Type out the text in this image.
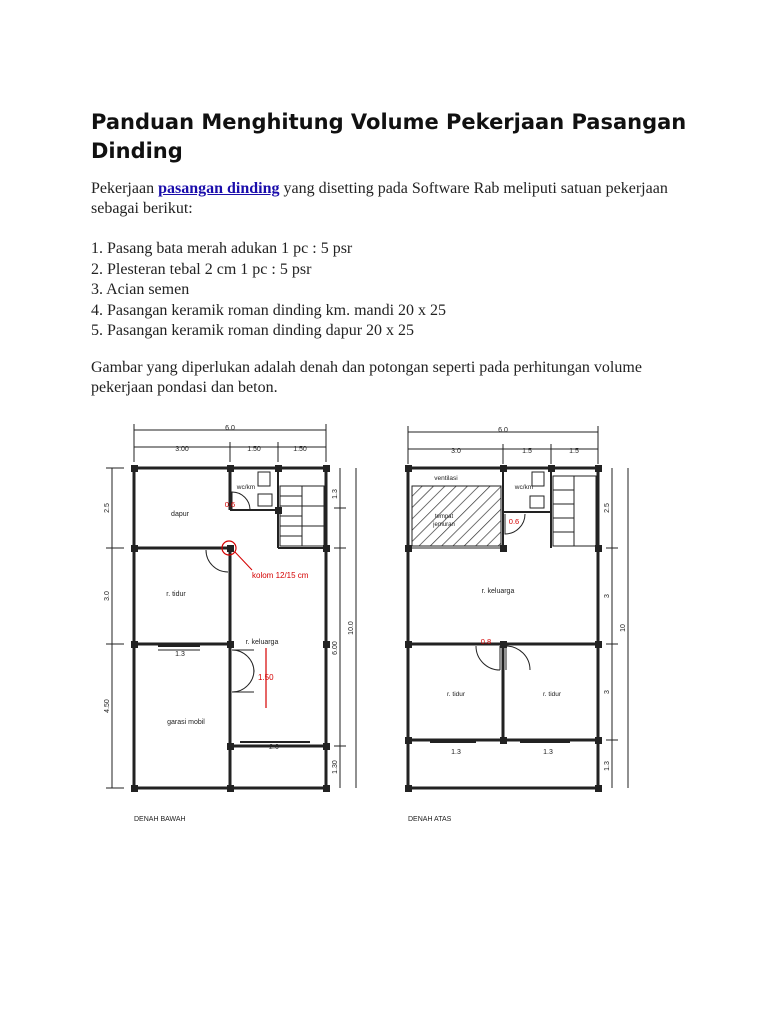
Panduan Menghitung Volume Pekerjaan Pasangan Dinding

Pekerjaan pasangan dinding yang disetting pada Software Rab meliputi satuan pekerjaan sebagai berikut:

1. Pasang bata merah adukan 1 pc : 5 psr
2. Plesteran tebal 2 cm 1 pc : 5 psr
3. Acian semen
4. Pasangan keramik roman dinding km. mandi 20 x 25
5. Pasangan keramik roman dinding dapur 20 x 25

Gambar yang diperlukan adalah denah dan potongan seperti pada perhitungan volume pekerjaan pondasi dan beton.

6.0
3.00	1.50	1.50
2.5
3.0
4.50
1.3
6.00
1.30
10.0
dapur
wc/km
r. tidur
r. keluarga
garasi mobil
0.6
kolom 12/15 cm
1.50
1.3
2.0
DENAH BAWAH
6.0
3.0	1.5	1.5
2.5
3
3
1.3
10
ventilasi
wc/km
tempat
jemuran
r. keluarga
r. tidur	r. tidur
0.6
0.8
1.3	1.3
DENAH ATAS
